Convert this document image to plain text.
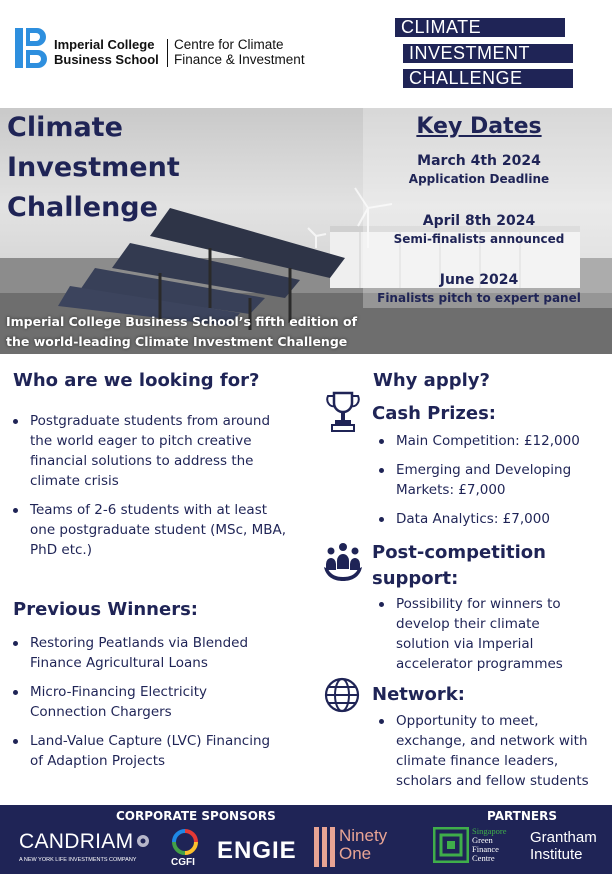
Imperial College
Business School
Centre for Climate
Finance & Investment
CLIMATE
INVESTMENT
CHALLENGE
Climate
Investment
Challenge
Key Dates
March 4th 2024
Application Deadline
April 8th 2024
Semi-finalists announced
June 2024
Finalists pitch to expert panel
Imperial College Business School’s fifth edition of
the world-leading Climate Investment Challenge
Who are we looking for?
Postgraduate students from around the world eager to pitch creative financial solutions to address the climate crisis
Teams of 2-6 students with at least one postgraduate student (MSc, MBA, PhD etc.)
Previous Winners:
Restoring Peatlands via Blended Finance Agricultural Loans
Micro-Financing Electricity Connection Chargers
Land-Value Capture (LVC) Financing of Adaption Projects
Why apply?
Cash Prizes:
Main Competition: £12,000
Emerging and Developing Markets: £7,000
Data Analytics: £7,000
Post-competition
support:
Possibility for winners to develop their climate solution via Imperial accelerator programmes
Network:
Opportunity to meet, exchange, and network with climate finance leaders, scholars and fellow students
CORPORATE SPONSORS	PARTNERS
CANDRIAM
A NEW YORK LIFE INVESTMENTS COMPANY	CGFI ENGIE
Ninety
One
Singapore
Green
Finance
Centre
Grantham
Institute
